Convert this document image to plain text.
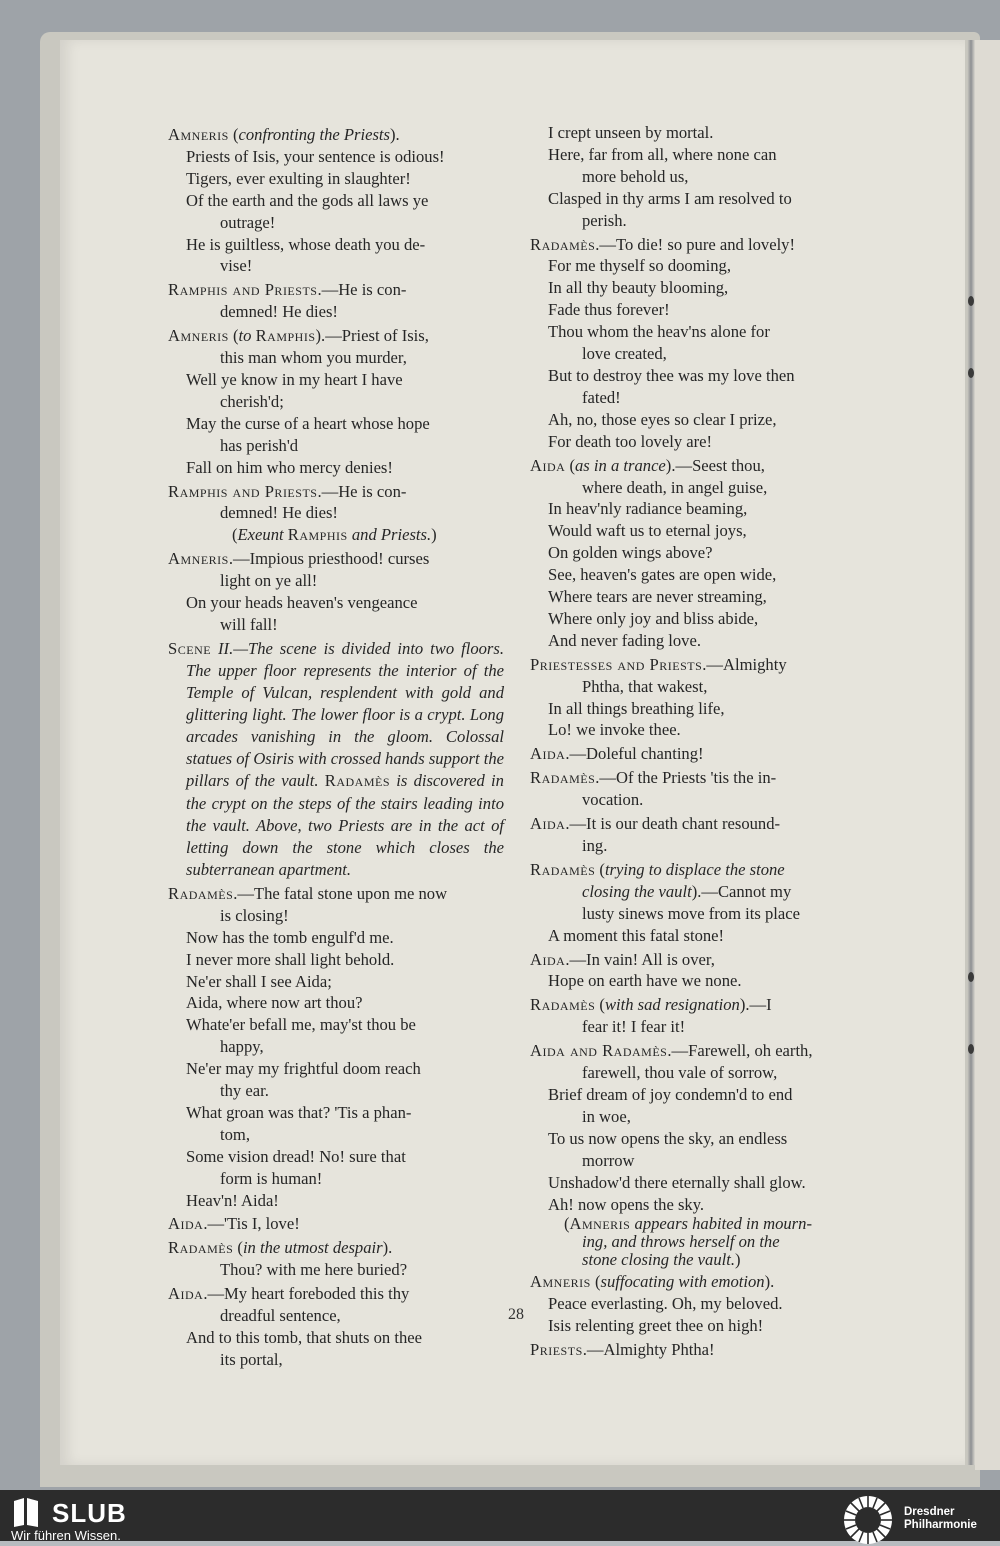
Amneris (confronting the Priests).
Priests of Isis, your sentence is odious!
Tigers, ever exulting in slaughter!
Of the earth and the gods all laws ye
outrage!
He is guiltless, whose death you de-
vise!
Ramphis and Priests.—He is con-
demned! He dies!
Amneris (to Ramphis).—Priest of Isis,
this man whom you murder,
Well ye know in my heart I have
cherish'd;
May the curse of a heart whose hope
has perish'd
Fall on him who mercy denies!
Ramphis and Priests.—He is con-
demned! He dies!
(Exeunt Ramphis and Priests.)
Amneris.—Impious priesthood! curses
light on ye all!
On your heads heaven's vengeance
will fall!
Scene II.—The scene is divided into two floors. The upper floor represents the interior of the Temple of Vulcan, resplendent with gold and glittering light. The lower floor is a crypt. Long arcades vanishing in the gloom. Colossal statues of Osiris with crossed hands support the pillars of the vault. Radamès is discovered in the crypt on the steps of the stairs leading into the vault. Above, two Priests are in the act of letting down the stone which closes the subterranean apartment.
Radamès.—The fatal stone upon me now
is closing!
Now has the tomb engulf'd me.
I never more shall light behold.
Ne'er shall I see Aida;
Aida, where now art thou?
Whate'er befall me, may'st thou be
happy,
Ne'er may my frightful doom reach
thy ear.
What groan was that? 'Tis a phan-
tom,
Some vision dread! No! sure that
form is human!
Heav'n! Aida!
Aida.—'Tis I, love!
Radamès (in the utmost despair).
Thou? with me here buried?
Aida.—My heart foreboded this thy
dreadful sentence,
And to this tomb, that shuts on thee
its portal,
I crept unseen by mortal.
Here, far from all, where none can
more behold us,
Clasped in thy arms I am resolved to
perish.
Radamès.—To die! so pure and lovely!
For me thyself so dooming,
In all thy beauty blooming,
Fade thus forever!
Thou whom the heav'ns alone for
love created,
But to destroy thee was my love then
fated!
Ah, no, those eyes so clear I prize,
For death too lovely are!
Aida (as in a trance).—Seest thou,
where death, in angel guise,
In heav'nly radiance beaming,
Would waft us to eternal joys,
On golden wings above?
See, heaven's gates are open wide,
Where tears are never streaming,
Where only joy and bliss abide,
And never fading love.
Priestesses and Priests.—Almighty
Phtha, that wakest,
In all things breathing life,
Lo! we invoke thee.
Aida.—Doleful chanting!
Radamès.—Of the Priests 'tis the in-
vocation.
Aida.—It is our death chant resound-
ing.
Radamès (trying to displace the stone
closing the vault).—Cannot my
lusty sinews move from its place
A moment this fatal stone!
Aida.—In vain! All is over,
Hope on earth have we none.
Radamès (with sad resignation).—I
fear it! I fear it!
Aida and Radamès.—Farewell, oh earth,
farewell, thou vale of sorrow,
Brief dream of joy condemn'd to end
in woe,
To us now opens the sky, an endless
morrow
Unshadow'd there eternally shall glow.
Ah! now opens the sky.
(Amneris appears habited in mourn-
ing, and throws herself on the
stone closing the vault.)
Amneris (suffocating with emotion).
Peace everlasting. Oh, my beloved.
Isis relenting greet thee on high!
Priests.—Almighty Phtha!
28
SLUB
Wir führen Wissen.
Dresdner
Philharmonie
